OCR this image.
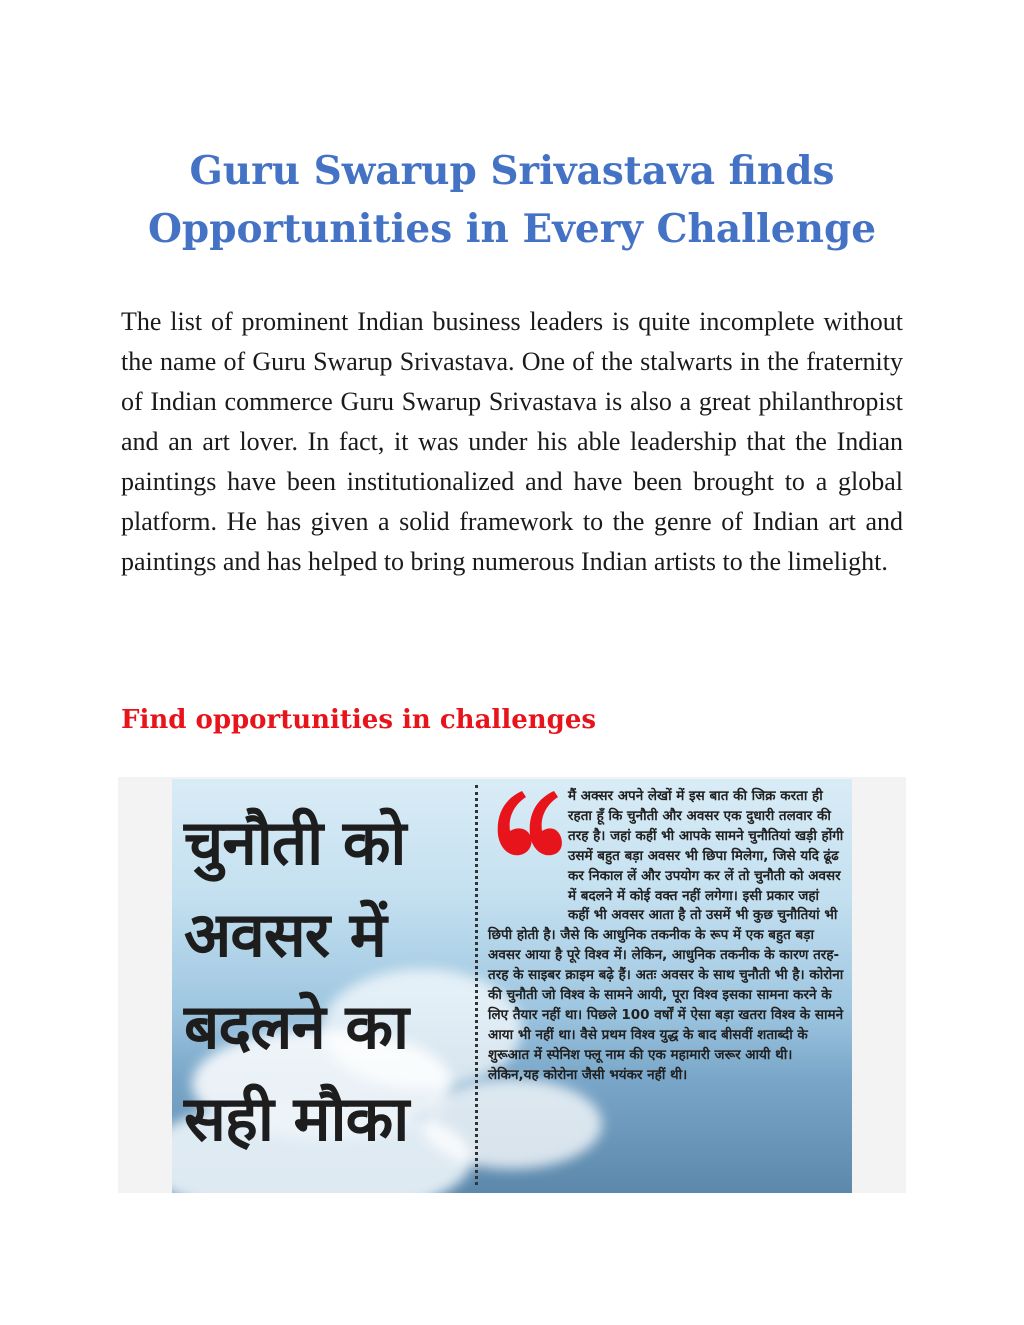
Guru Swarup Srivastava finds
Opportunities in Every Challenge

The list of prominent Indian business leaders is quite incomplete without the name of Guru Swarup Srivastava. One of the stalwarts in the fraternity of Indian commerce Guru Swarup Srivastava is also a great philanthropist and an art lover. In fact, it was under his able leadership that the Indian paintings have been institutionalized and have been brought to a global platform. He has given a solid framework to the genre of Indian art and paintings and has helped to bring numerous Indian artists to the limelight.

Find opportunities in challenges
चुनौती को
अवसर में
बदलने का
सही मौका
मैं अक्सर अपने लेखों में इस बात की जिक्र करता ही रहता हूँ कि चुनौती और अवसर एक दुधारी तलवार की तरह है। जहां कहीं भी आपके सामने चुनौतियां खड़ी होंगी उसमें बहुत बड़ा अवसर भी छिपा मिलेगा, जिसे यदि ढूंढ कर निकाल लें और उपयोग कर लें तो चुनौती को अवसर में बदलने में कोई वक्त नहीं लगेगा। इसी प्रकार जहां कहीं भी अवसर आता है तो उसमें भी कुछ चुनौतियां भी छिपी होती है। जैसे कि आधुनिक तकनीक के रूप में एक बहुत बड़ा अवसर आया है पूरे विश्व में। लेकिन, आधुनिक तकनीक के कारण तरह-तरह के साइबर क्राइम बढ़े हैं। अतः अवसर के साथ चुनौती भी है। कोरोना की चुनौती जो विश्व के सामने आयी, पूरा विश्व इसका सामना करने के लिए तैयार नहीं था। पिछले 100 वर्षों में ऐसा बड़ा खतरा विश्व के सामने आया भी नहीं था। वैसे प्रथम विश्व युद्ध के बाद बीसवीं शताब्दी के शुरूआत में स्पेनिश फ्लू नाम की एक महामारी जरूर आयी थी। लेकिन,यह कोरोना जैसी भयंकर नहीं थी।
